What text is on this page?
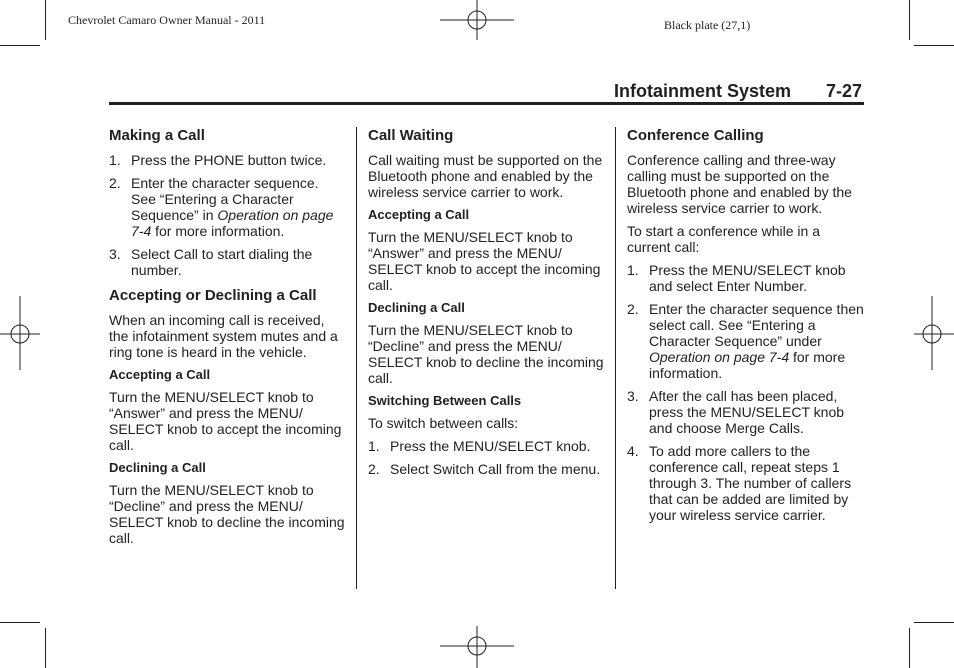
Chevrolet Camaro Owner Manual - 2011	Black plate (27,1)
Infotainment System 7-27
Making a Call
1. Press the PHONE button twice.
2. Enter the character sequence. See “Entering a Character Sequence” in Operation on page 7-4 for more information.
3. Select Call to start dialing the number.
Accepting or Declining a Call

When an incoming call is received, the infotainment system mutes and a ring tone is heard in the vehicle.

Accepting a Call

Turn the MENU/SELECT knob to “Answer” and press the MENU/ SELECT knob to accept the incoming call.

Declining a Call

Turn the MENU/SELECT knob to “Decline” and press the MENU/ SELECT knob to decline the incoming call.

Call Waiting

Call waiting must be supported on the Bluetooth phone and enabled by the wireless service carrier to work.

Accepting a Call

Turn the MENU/SELECT knob to “Answer” and press the MENU/ SELECT knob to accept the incoming call.

Declining a Call

Turn the MENU/SELECT knob to “Decline” and press the MENU/ SELECT knob to decline the incoming call.

Switching Between Calls

To switch between calls:

1. Press the MENU/SELECT knob.
2. Select Switch Call from the menu.
Conference Calling

Conference calling and three-way calling must be supported on the Bluetooth phone and enabled by the wireless service carrier to work.

To start a conference while in a current call:

1. Press the MENU/SELECT knob and select Enter Number.
2. Enter the character sequence then select call. See “Entering a Character Sequence” under Operation on page 7-4 for more information.
3. After the call has been placed, press the MENU/SELECT knob and choose Merge Calls.
4. To add more callers to the conference call, repeat steps 1 through 3. The number of callers that can be added are limited by your wireless service carrier.
